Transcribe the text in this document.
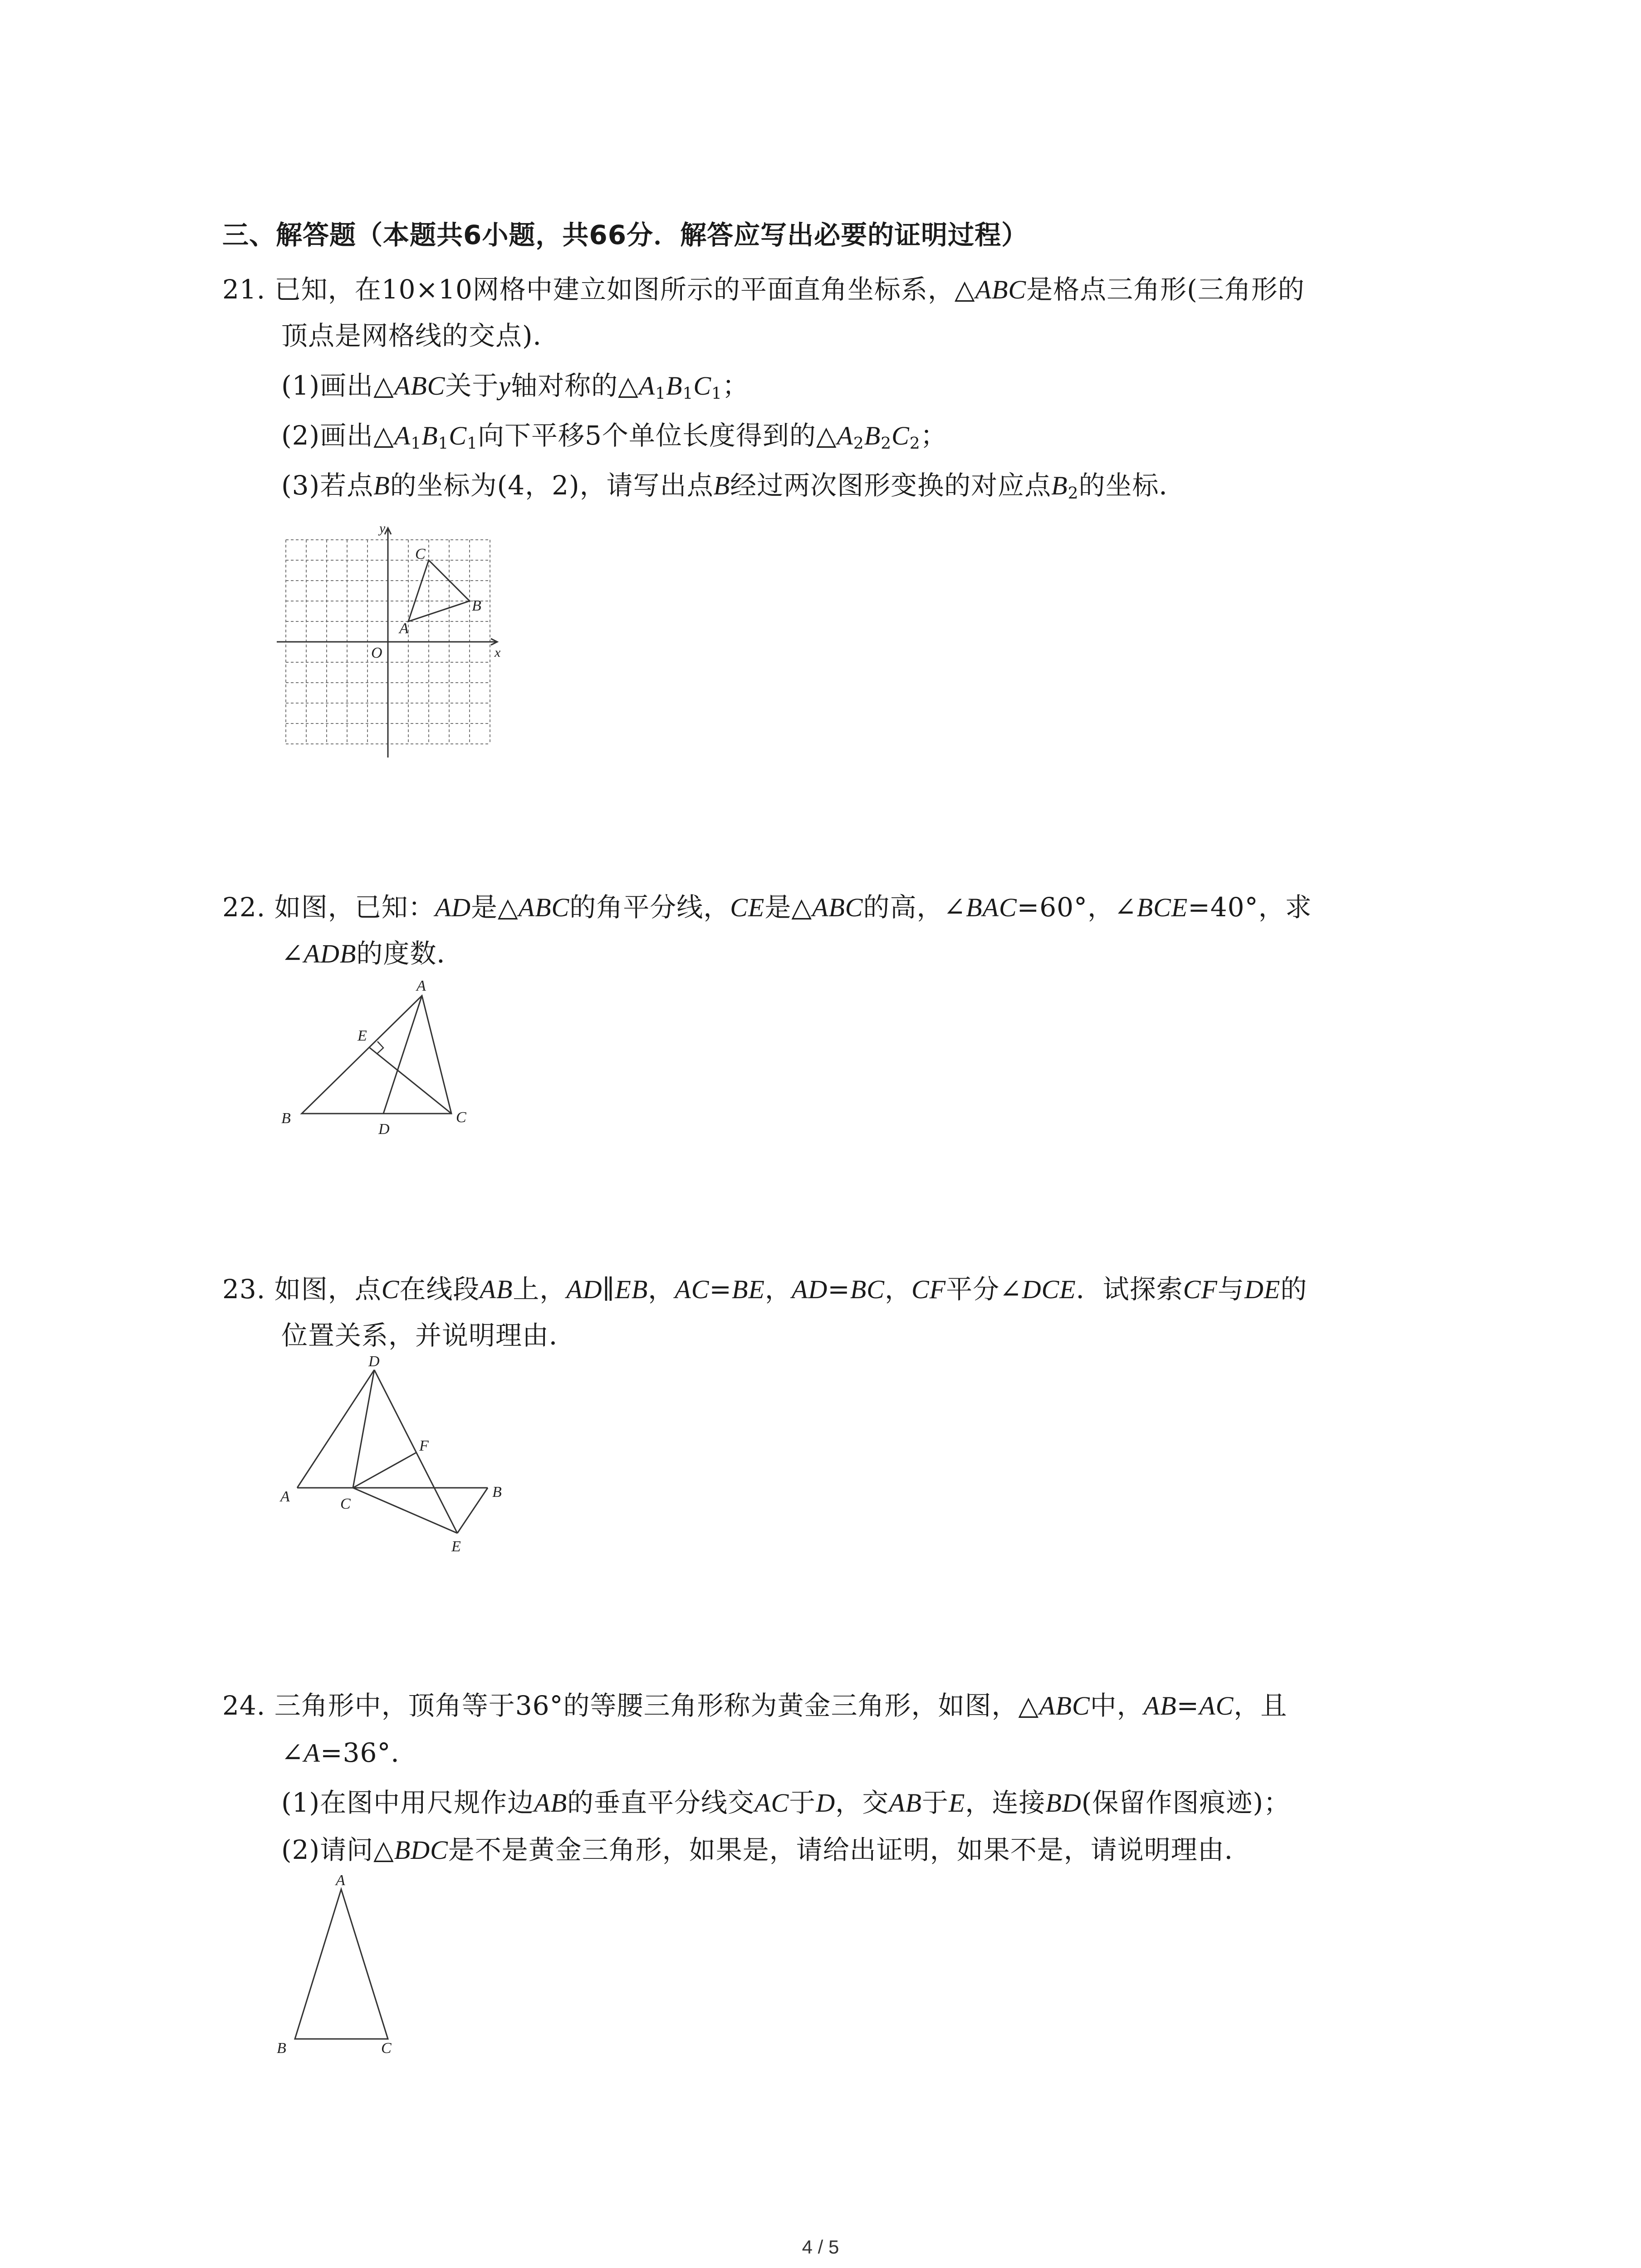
三、解答题（本题共6小题，共66分．解答应写出必要的证明过程）
21. 已知，在10×10网格中建立如图所示的平面直角坐标系，△ABC是格点三角形(三角形的
顶点是网格线的交点)．
(1)画出△ABC关于y轴对称的$\triangle A_1B_1C_1$；
(2)画出$\triangle A_1B_1C_1$向下平移5个单位长度得到的$\triangle A_2B_2C_2$；
(3)若点B的坐标为(4，2)，请写出点B经过两次图形变换的对应点$B_2$的坐标．
y
x
O
A
B
C
22. 如图，已知：AD是△ABC的角平分线，CE是△ABC的高，∠BAC=60°，∠BCE=40°，求
∠ADB的度数．
A
B	C
D
E
23. 如图，点C在线段AB上，AD∥EB，AC=BE，AD=BC，CF平分∠DCE．试探索CF与DE的
位置关系，并说明理由．
A	B
C
D
E
F
24. 三角形中，顶角等于36°的等腰三角形称为黄金三角形，如图，△ABC中，AB=AC，且
∠A=36°．
(1)在图中用尺规作边AB的垂直平分线交AC于D，交AB于E，连接BD(保留作图痕迹)；
(2)请问△BDC是不是黄金三角形，如果是，请给出证明，如果不是，请说明理由．
A
B	C
4 / 5
